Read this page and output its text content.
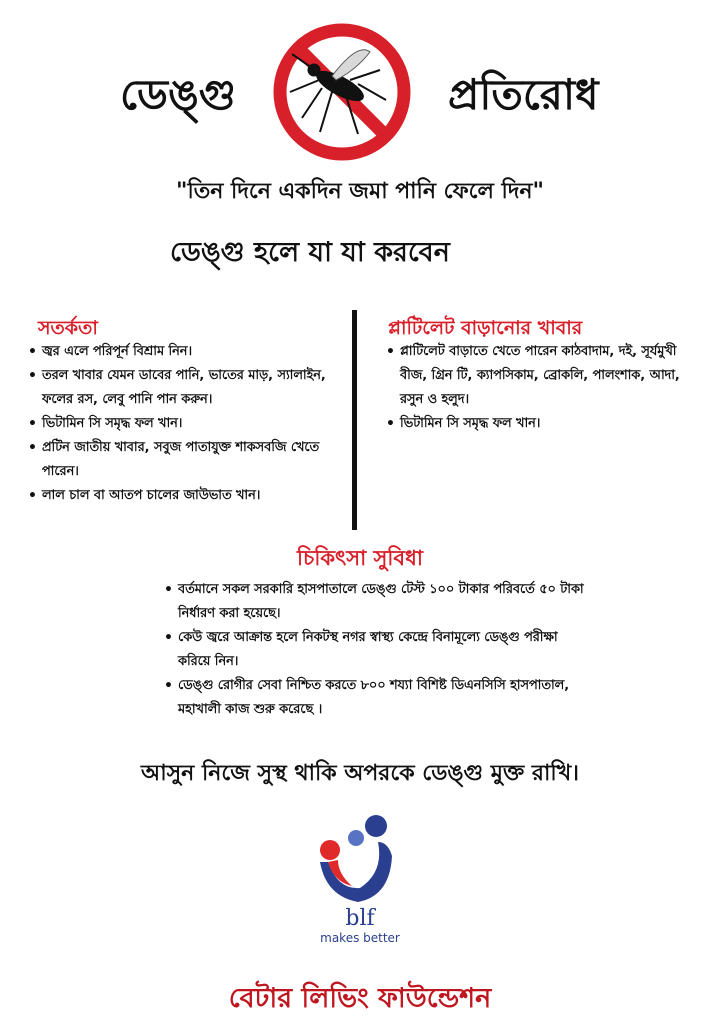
ডেঙ্গু	প্রতিরোধ
"তিন দিনে একদিন জমা পানি ফেলে দিন"
ডেঙ্গু হলে যা যা করবেন
সতর্কতা
• জ্বর এলে পরিপূর্ন বিশ্রাম নিন।
• তরল খাবার যেমন ডাবের পানি, ভাতের মাড়, স্যালাইন, ফলের রস, লেবু পানি পান করুন।
• ভিটামিন সি সমৃদ্ধ ফল খান।
• প্রটিন জাতীয় খাবার, সবুজ পাতাযুক্ত শাকসবজি খেতে পারেন।
• লাল চাল বা আতপ চালের জাউভাত খান।
প্লাটিলেট বাড়ানোর খাবার
• প্লাটিলেট বাড়াতে খেতে পারেন কাঠবাদাম, দই, সূর্যমুখী বীজ, গ্রিন টি, ক্যাপসিকাম, ব্রোকলি, পালংশাক, আদা, রসুন ও হলুদ।
• ভিটামিন সি সমৃদ্ধ ফল খান।
চিকিৎসা সুবিধা
• বর্তমানে সকল সরকারি হাসপাতালে ডেঙ্গু টেস্ট ১০০ টাকার পরিবর্তে ৫০ টাকা নির্ধারণ করা হয়েছে।
• কেউ জ্বরে আক্রান্ত হলে নিকটস্থ নগর স্বাস্থ্য কেন্দ্রে বিনামূল্যে ডেঙ্গু পরীক্ষা করিয়ে নিন।
• ডেঙ্গু রোগীর সেবা নিশ্চিত করতে ৮০০ শয্যা বিশিষ্ট ডিএনসিসি হাসপাতাল, মহাখালী কাজ শুরু করেছে ।
আসুন নিজে সুস্থ থাকি অপরকে ডেঙ্গু মুক্ত রাখি।
blf
makes better
বেটার লিভিং ফাউন্ডেশন
